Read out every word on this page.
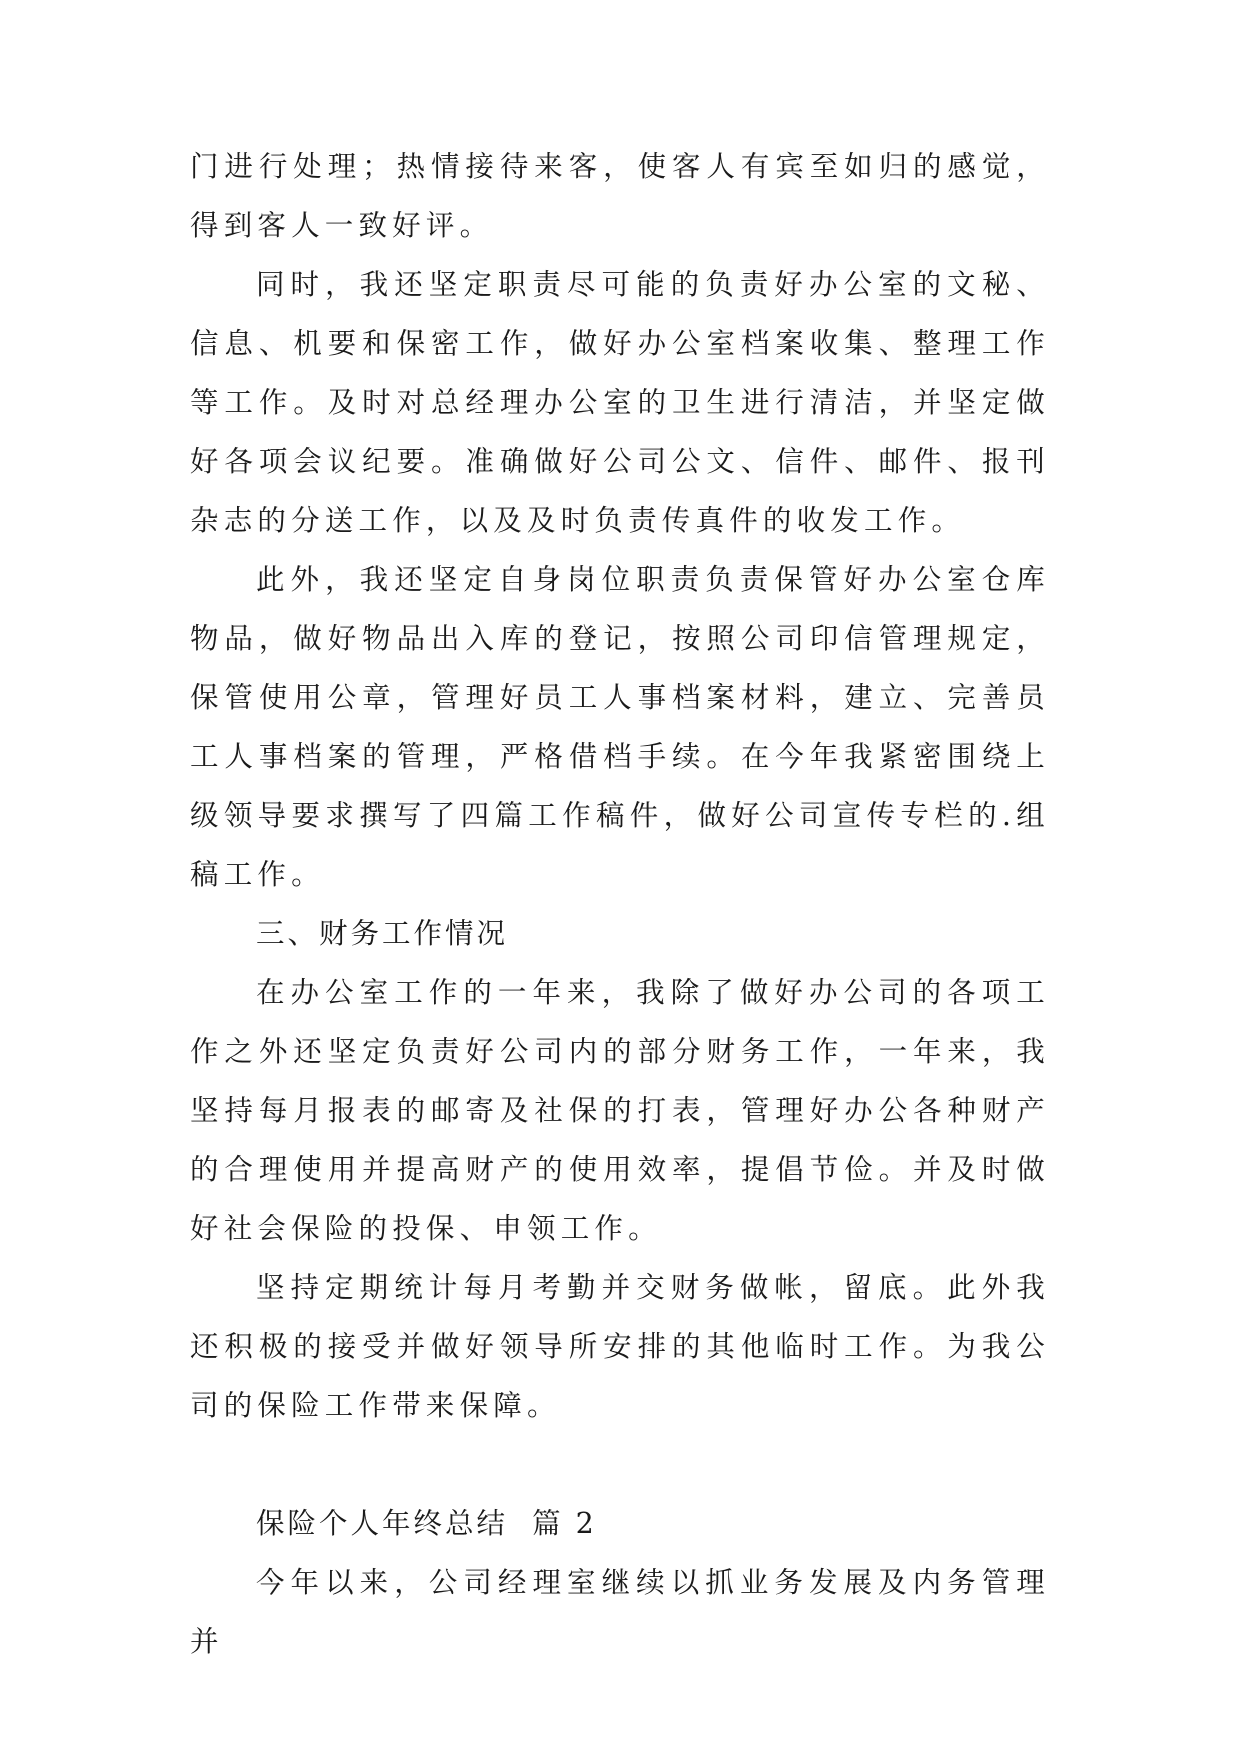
门进行处理；热情接待来客，使客人有宾至如归的感觉，得到客人一致好评。

同时，我还坚定职责尽可能的负责好办公室的文秘、信息、机要和保密工作，做好办公室档案收集、整理工作等工作。及时对总经理办公室的卫生进行清洁，并坚定做好各项会议纪要。准确做好公司公文、信件、邮件、报刊杂志的分送工作，以及及时负责传真件的收发工作。

此外，我还坚定自身岗位职责负责保管好办公室仓库物品，做好物品出入库的登记，按照公司印信管理规定，保管使用公章，管理好员工人事档案材料，建立、完善员工人事档案的管理，严格借档手续。在今年我紧密围绕上级领导要求撰写了四篇工作稿件，做好公司宣传专栏的.组稿工作。

三、财务工作情况

在办公室工作的一年来，我除了做好办公司的各项工作之外还坚定负责好公司内的部分财务工作，一年来，我坚持每月报表的邮寄及社保的打表，管理好办公各种财产的合理使用并提高财产的使用效率，提倡节俭。并及时做好社会保险的投保、申领工作。

坚持定期统计每月考勤并交财务做帐，留底。此外我还积极的接受并做好领导所安排的其他临时工作。为我公司的保险工作带来保障。

保险个人年终总结  篇 2

今年以来，公司经理室继续以抓业务发展及内务管理并
